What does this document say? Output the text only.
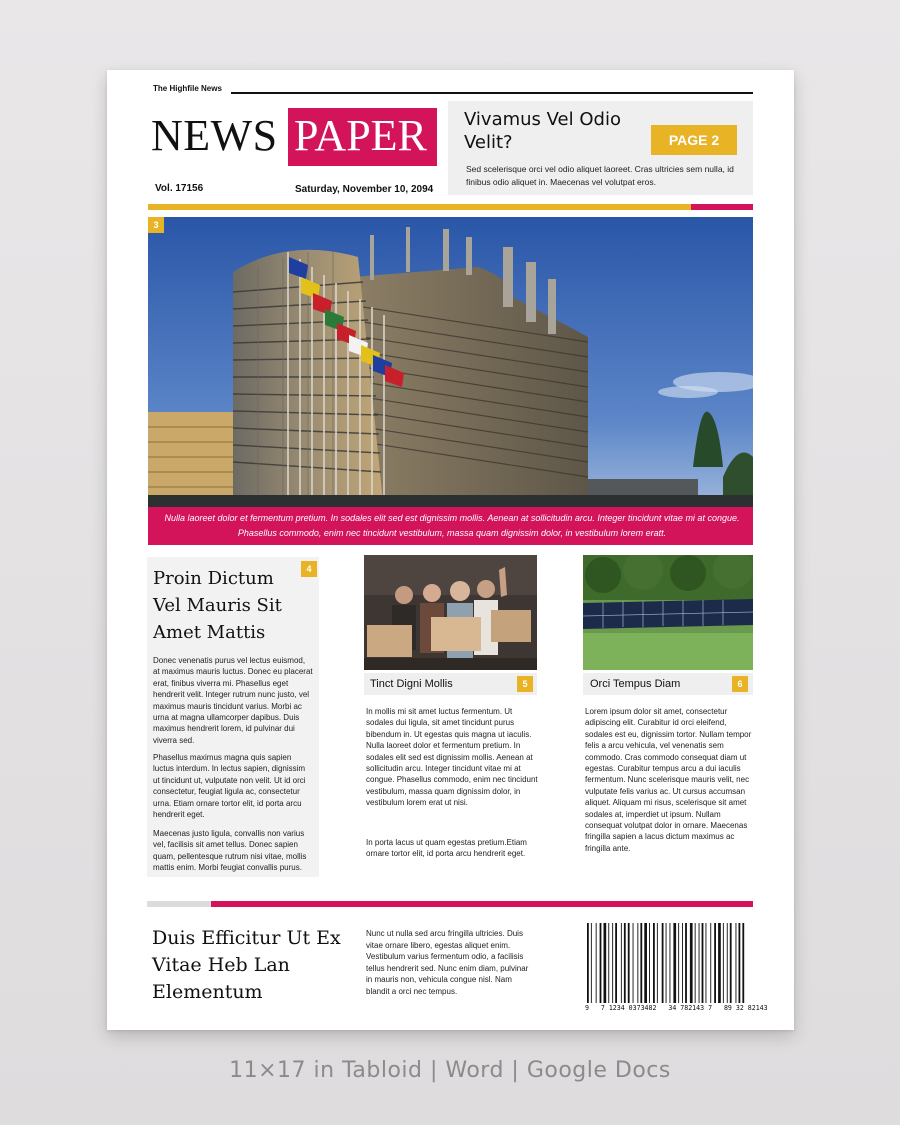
The Highfile News
NEWS PAPER
Vol. 17156	Saturday, November 10, 2094
Vivamus Vel Odio Velit?	PAGE 2
Sed scelerisque orci vel odio aliquet laoreet. Cras ultricies sem nulla, id finibus odio aliquet in. Maecenas vel volutpat eros.
3
Nulla laoreet dolor et fermentum pretium. In sodales elit sed est dignissim mollis. Aenean at sollicitudin arcu. Integer tincidunt vitae mi at congue. Phasellus commodo, enim nec tincidunt vestibulum, massa quam dignissim dolor, in vestibulum lorem eratt.
Proin Dictum Vel Mauris Sit Amet Mattis
4
Donec venenatis purus vel lectus euismod, at maximus mauris luctus. Donec eu placerat erat, finibus viverra mi. Phasellus eget hendrerit velit. Integer rutrum nunc justo, vel maximus mauris tincidunt varius. Morbi ac urna at magna ullamcorper dapibus. Duis maximus hendrerit lorem, id pulvinar dui viverra sed.
Phasellus maximus magna quis sapien luctus interdum. In lectus sapien, dignissim ut tincidunt ut, vulputate non velit. Ut id orci consectetur, feugiat ligula ac, consectetur urna. Etiam ornare tortor elit, id porta arcu hendrerit eget.
Maecenas justo ligula, convallis non varius vel, facilisis sit amet tellus. Donec sapien quam, pellentesque rutrum nisi vitae, mollis mattis enim. Morbi feugiat convallis purus.
Tinct Digni Mollis	5
In mollis mi sit amet luctus fermentum. Ut sodales dui ligula, sit amet tincidunt purus bibendum in. Ut egestas quis magna ut iaculis. Nulla laoreet dolor et fermentum pretium. In sodales elit sed est dignissim mollis. Aenean at sollicitudin arcu. Integer tincidunt vitae mi at congue. Phasellus commodo, enim nec tincidunt vestibulum, massa quam dignissim dolor, in vestibulum lorem erat ut nisi.
In porta lacus ut quam egestas pretium.Etiam ornare tortor elit, id porta arcu hendrerit eget.
Orci Tempus Diam	6
Lorem ipsum dolor sit amet, consectetur adipiscing elit. Curabitur id orci eleifend, sodales est eu, dignissim tortor. Nullam tempor felis a arcu vehicula, vel venenatis sem commodo. Cras commodo consequat diam ut egestas. Curabitur tempus arcu a dui iaculis fermentum. Nunc scelerisque mauris velit, nec vulputate felis varius ac. Ut cursus accumsan aliquet. Aliquam mi risus, scelerisque sit amet sodales at, imperdiet ut ipsum. Nullam consequat volutpat dolor in ornare. Maecenas fringilla sapien a lacus dictum maximus ac fringilla ante.
Duis Efficitur Ut Ex Vitae Heb Lan Elementum
Nunc ut nulla sed arcu fringilla ultricies. Duis vitae ornare libero, egestas aliquet enim. Vestibulum varius fermentum odio, a facilisis tellus hendrerit sed. Nunc enim diam, pulvinar in mauris non, vehicula congue nisl. Nam blandit a orci nec tempus.
9   7 1234 0373482   34 782143 7   89 32 82143
11×17 in Tabloid | Word | Google Docs
